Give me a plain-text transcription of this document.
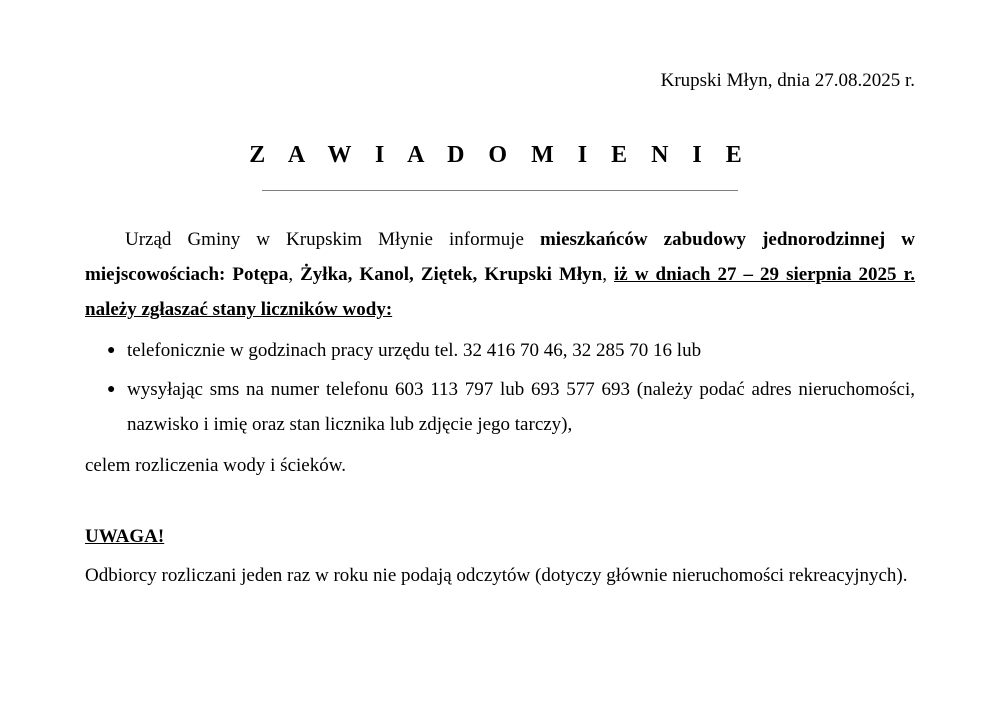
Krupski Młyn, dnia 27.08.2025 r.
Z A W I A D O M I E N I E

Urząd Gminy w Krupskim Młynie informuje mieszkańców zabudowy jednorodzinnej w miejscowościach: Potępa, Żyłka, Kanol, Ziętek, Krupski Młyn, iż w dniach 27 – 29 sierpnia 2025 r. należy zgłaszać stany liczników wody:

● telefonicznie w godzinach pracy urzędu tel. 32 416 70 46, 32 285 70 16 lub
● wysyłając sms na numer telefonu 603 113 797 lub 693 577 693 (należy podać adres nieruchomości, nazwisko i imię oraz stan licznika lub zdjęcie jego tarczy),
celem rozliczenia wody i ścieków.
UWAGA!

Odbiorcy rozliczani jeden raz w roku nie podają odczytów (dotyczy głównie nieruchomości rekreacyjnych).
